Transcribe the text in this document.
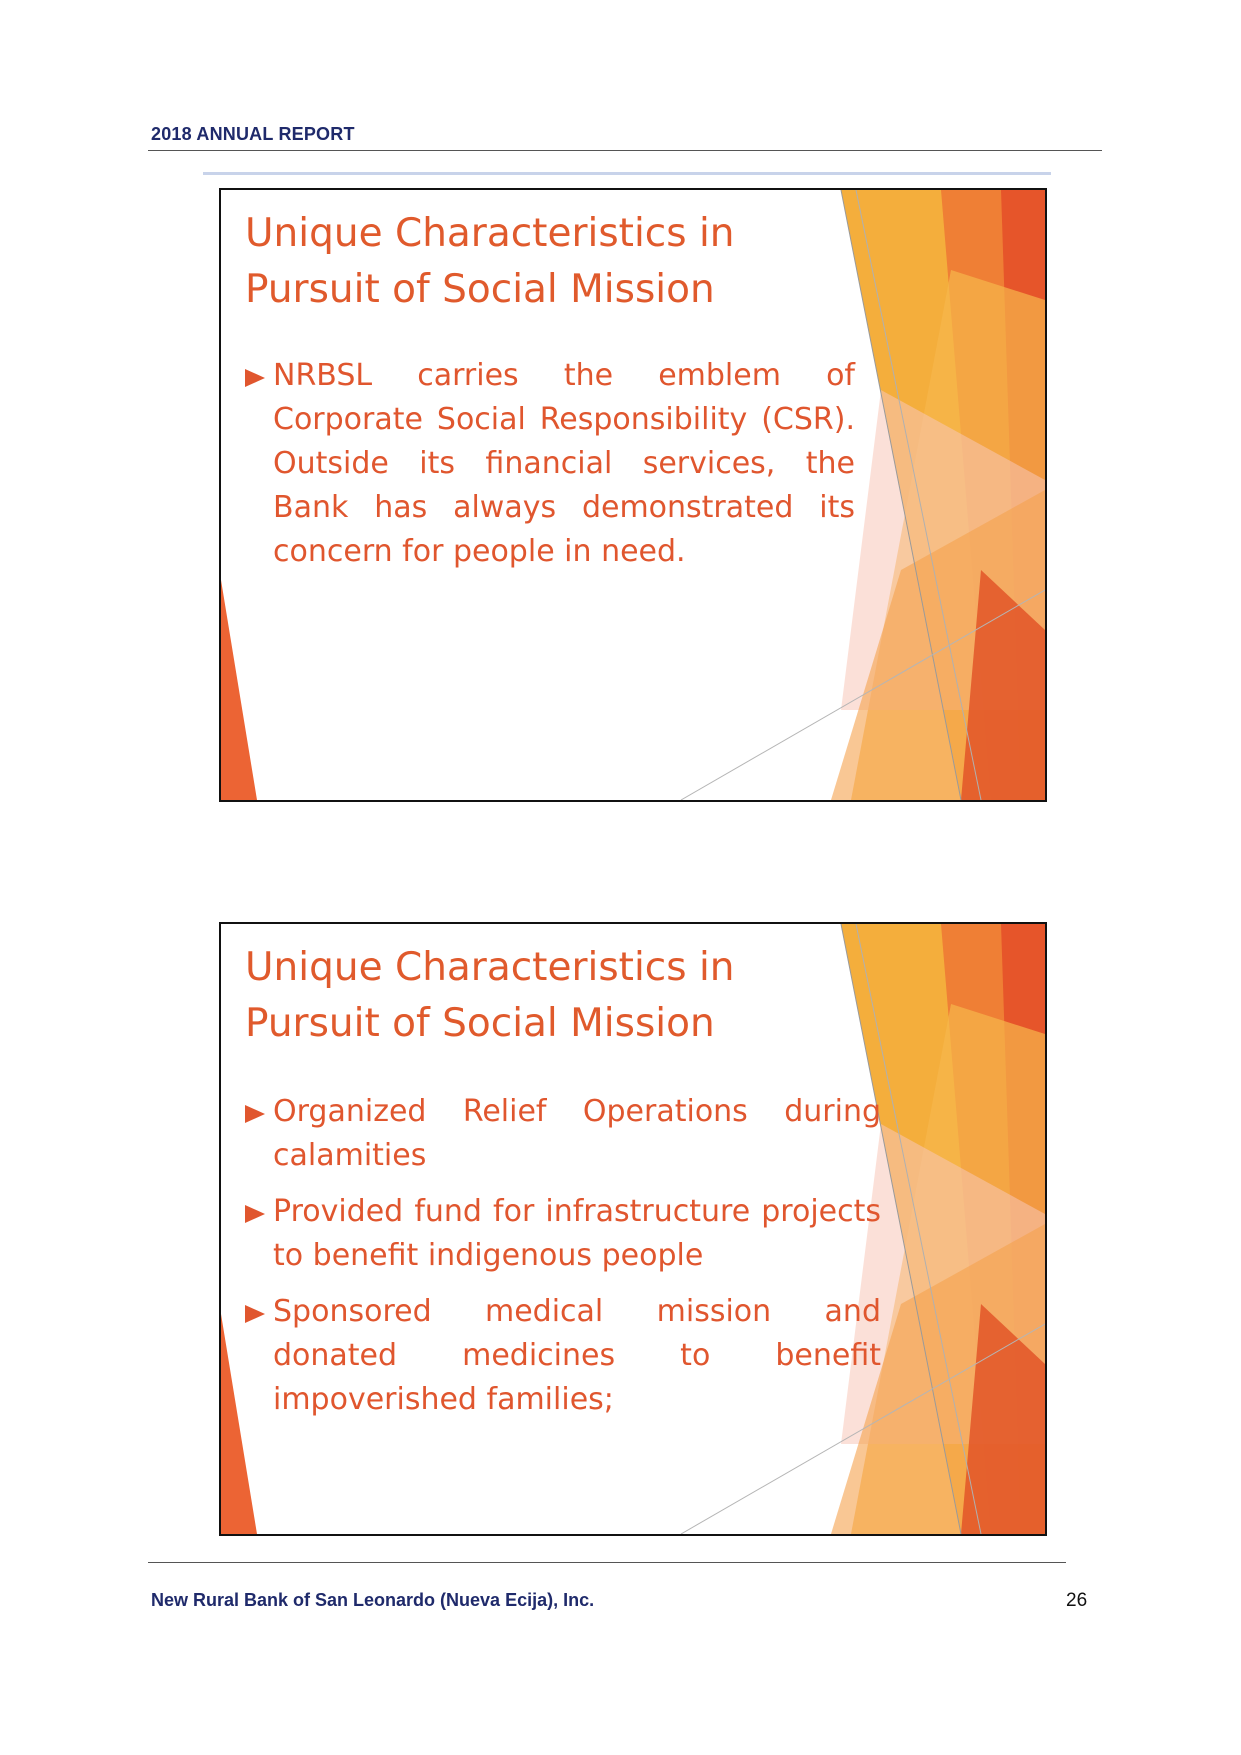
2018 ANNUAL REPORT
Unique Characteristics in Pursuit of Social Mission
NRBSL carries the emblem of Corporate Social Responsibility (CSR). Outside its financial services, the Bank has always demonstrated its concern for people in need.
Unique Characteristics in Pursuit of Social Mission
Organized Relief Operations during calamities
Provided fund for infrastructure projects to benefit indigenous people
Sponsored medical mission and donated medicines to benefit impoverished families;
New Rural Bank of San Leonardo (Nueva Ecija), Inc.	26
